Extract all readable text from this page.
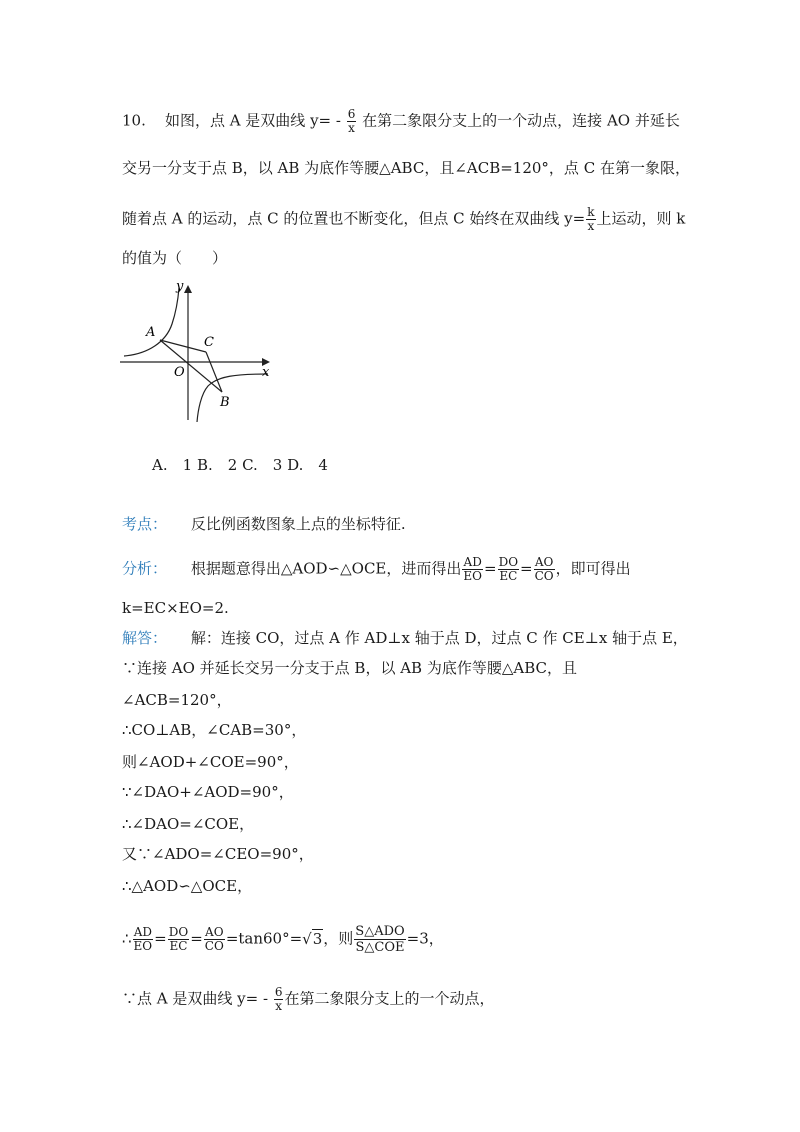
10. 如图，点 A 是双曲线 $y= - \frac{6}{x}$ 在第二象限分支上的一个动点，连接 AO 并延长
交另一分支于点 B，以 AB 为底作等腰△ABC，且∠ACB=120°，点 C 在第一象限，
随着点 A 的运动，点 C 的位置也不断变化，但点 C 始终在双曲线 $y= \frac{k}{x}$ 上运动，则 k
的值为（　　）
y
x
O
A
C
B
A.　1 B.　2 C.　3 D.　4
考点： 反比例函数图象上点的坐标特征.
分析： 根据题意得出△AOD∽△OCE，进而得出 $\frac{AD}{EO} = \frac{DO}{EC} = \frac{AO}{CO}$ ，即可得出
k=EC×EO=2.
解答： 解：连接 CO，过点 A 作 AD⊥x 轴于点 D，过点 C 作 CE⊥x 轴于点 E，
∵连接 AO 并延长交另一分支于点 B，以 AB 为底作等腰△ABC，且
∠ACB=120°，
∴CO⊥AB，∠CAB=30°，
则∠AOD+∠COE=90°，
∵∠DAO+∠AOD=90°，
∴∠DAO=∠COE，
又∵∠ADO=∠CEO=90°，
∴△AOD∽△OCE，
∴ $\frac{AD}{EO} = \frac{DO}{EC} = \frac{AO}{CO} =\tan 60^\circ=√3$，则 $\frac{\text{S△ADO}}{\text{S△COE}} =3$，
∵点 A 是双曲线 $y= - \frac{6}{x}$ 在第二象限分支上的一个动点，
